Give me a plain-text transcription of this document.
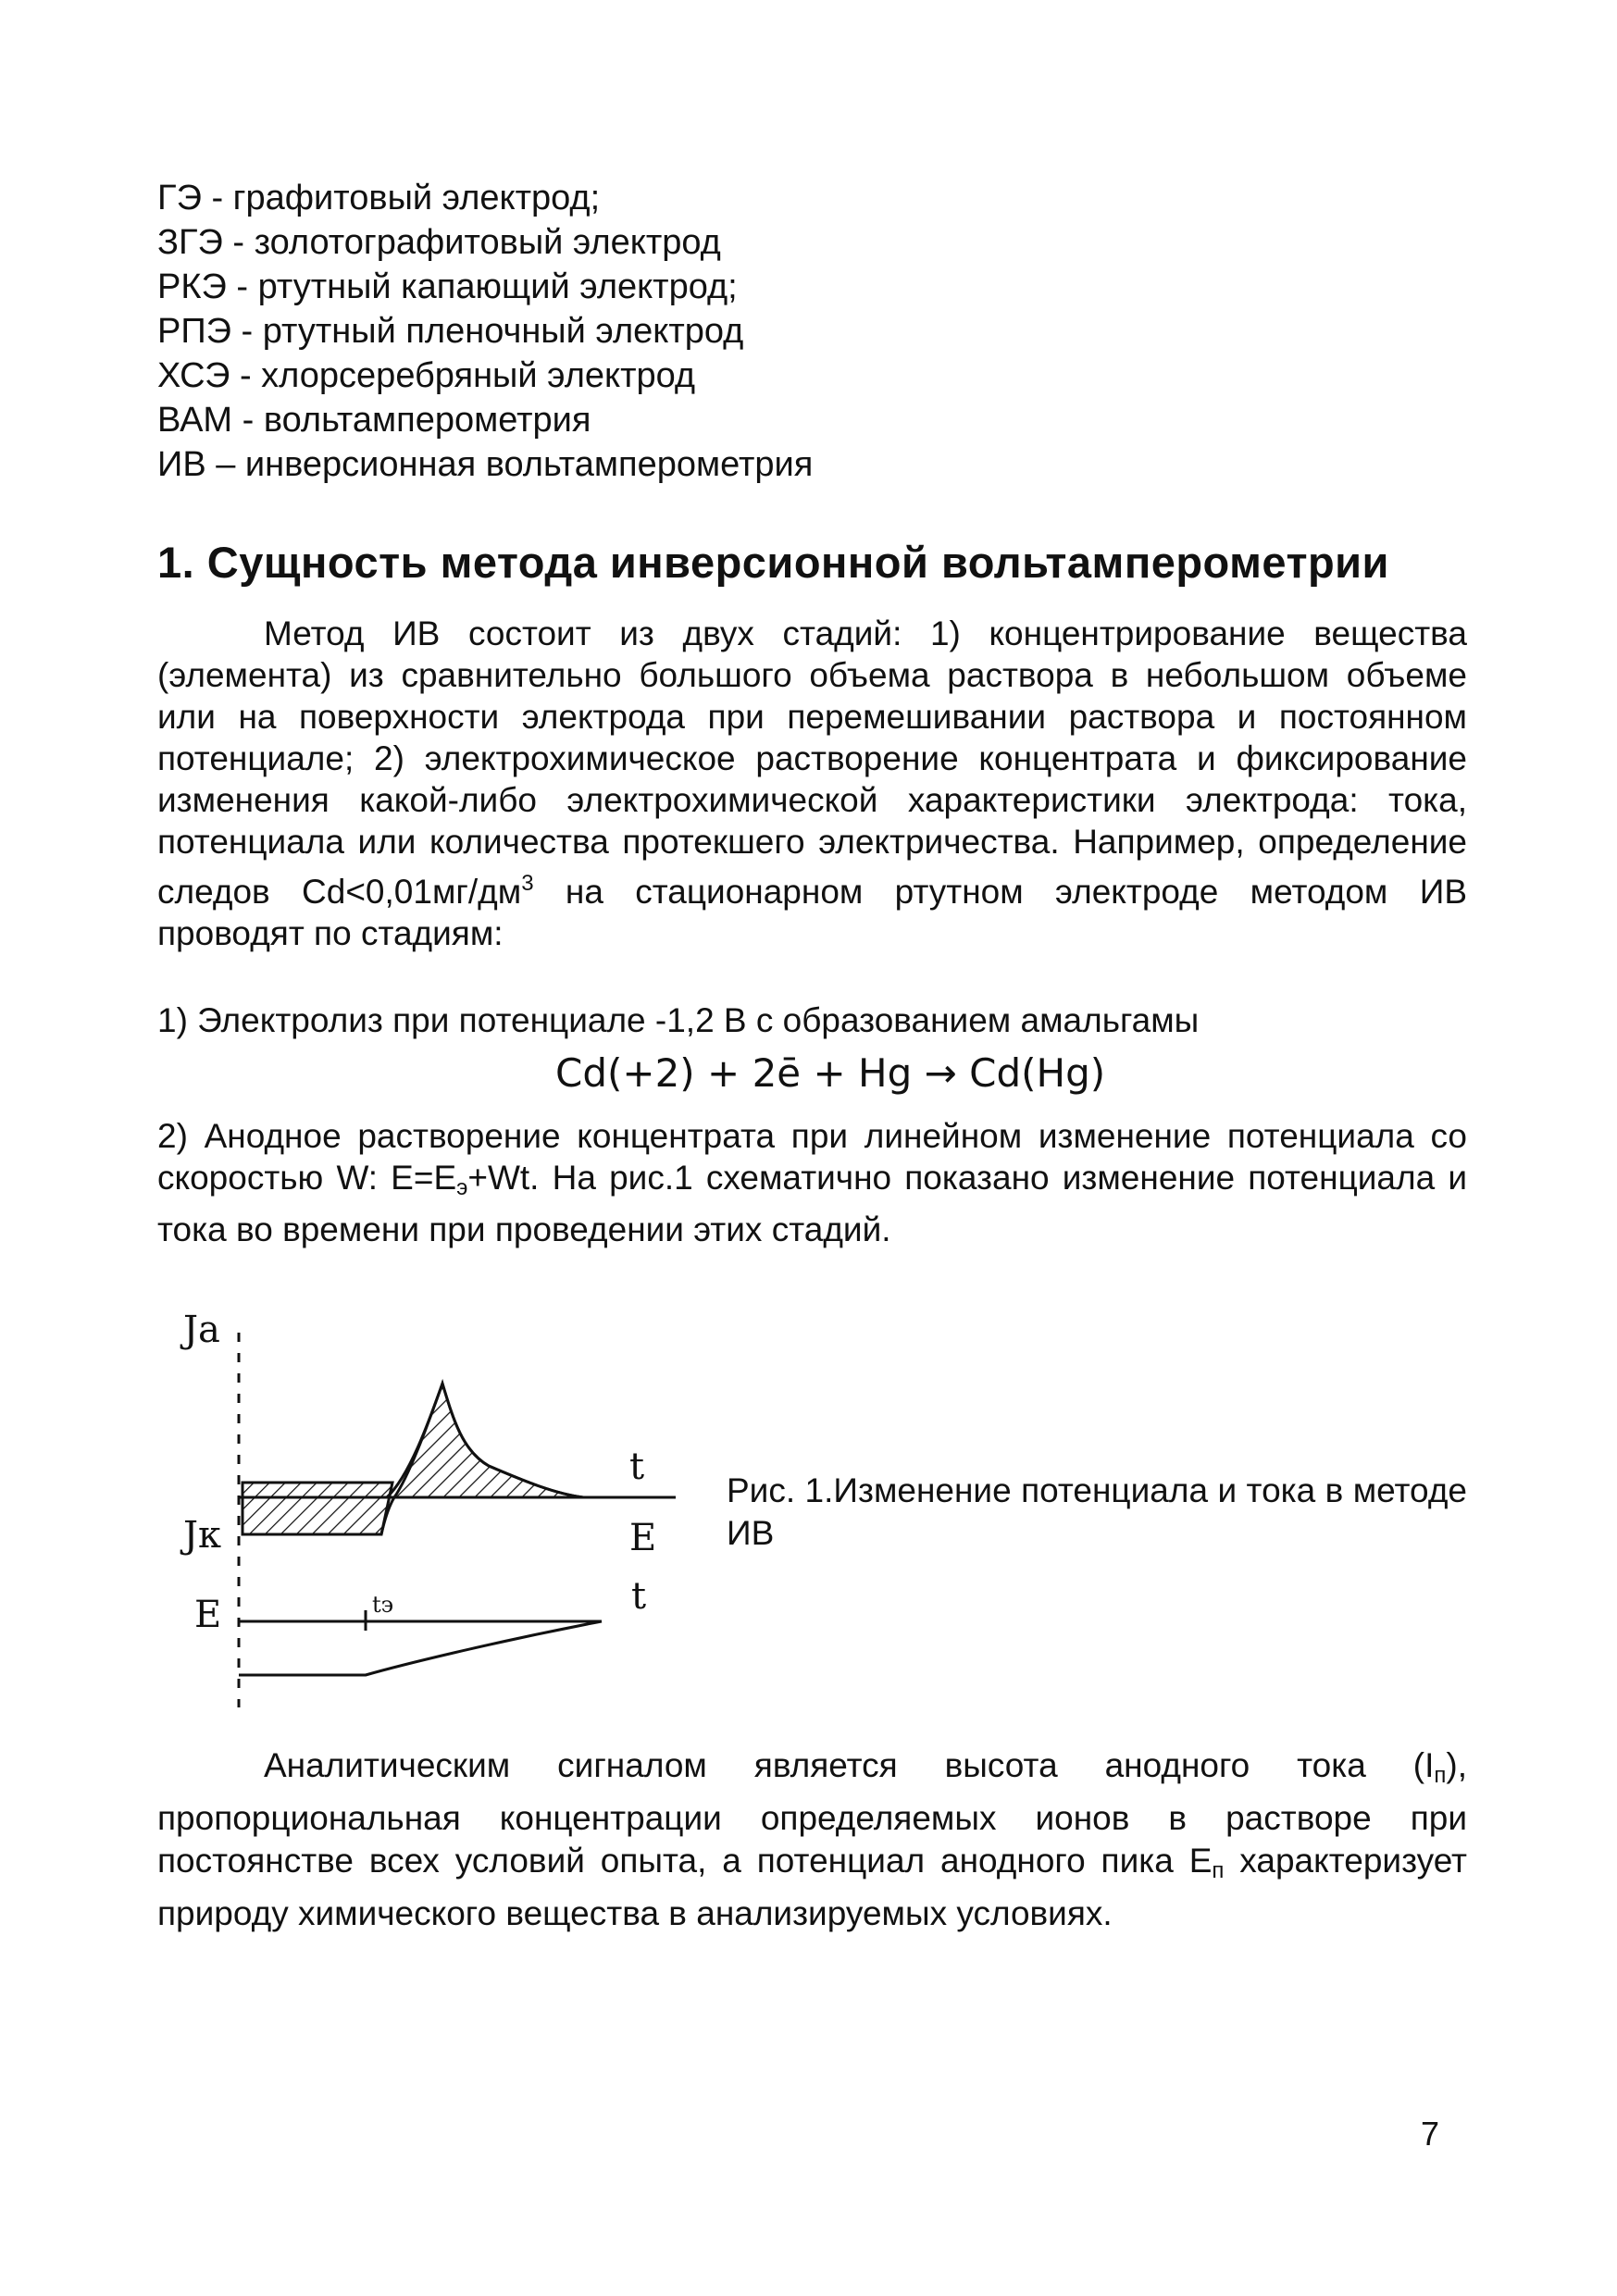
ГЭ - графитовый электрод;
ЗГЭ - золотографитовый электрод
РКЭ - ртутный капающий электрод;
РПЭ - ртутный пленочный электрод
ХСЭ - хлорсеребряный электрод
ВАМ - вольтамперометрия
ИВ – инверсионная вольтамперометрия
1. Сущность метода инверсионной вольтамперометрии

Метод ИВ состоит из двух стадий: 1) концентрирование вещества (элемента) из сравнительно большого объема раствора в небольшом объеме или на поверхности электрода при перемешивании раствора и постоянном потенциале; 2) электрохимическое растворение концентрата и фиксирование изменения какой-либо электрохимической характеристики электрода: тока, потенциала или количества протекшего электричества. Например, определение следов $Cd<0,01мг/дм^3$ на стационарном ртутном электроде методом ИВ проводят по стадиям:

1) Электролиз при потенциале -1,2 В с образованием амальгамы

Cd(+2) + 2ē + Hg → Cd(Hg)

2) Анодное растворение концентрата при линейном изменение потенциала со скоростью W: $E=E_э+Wt$. На рис.1 схематично показано изменение потенциала и тока во времени при проведении этих стадий.

Jа
Jк
t
E
E	tэ	t

Рис. 1.Изменение потенциала и тока в методе ИВ

Аналитическим сигналом является высота анодного тока $(I_п)$, пропорциональная концентрации определяемых ионов в растворе при постоянстве всех условий опыта, а потенциал анодного пика $E_п$ характеризует природу химического вещества в анализируемых условиях.

7
